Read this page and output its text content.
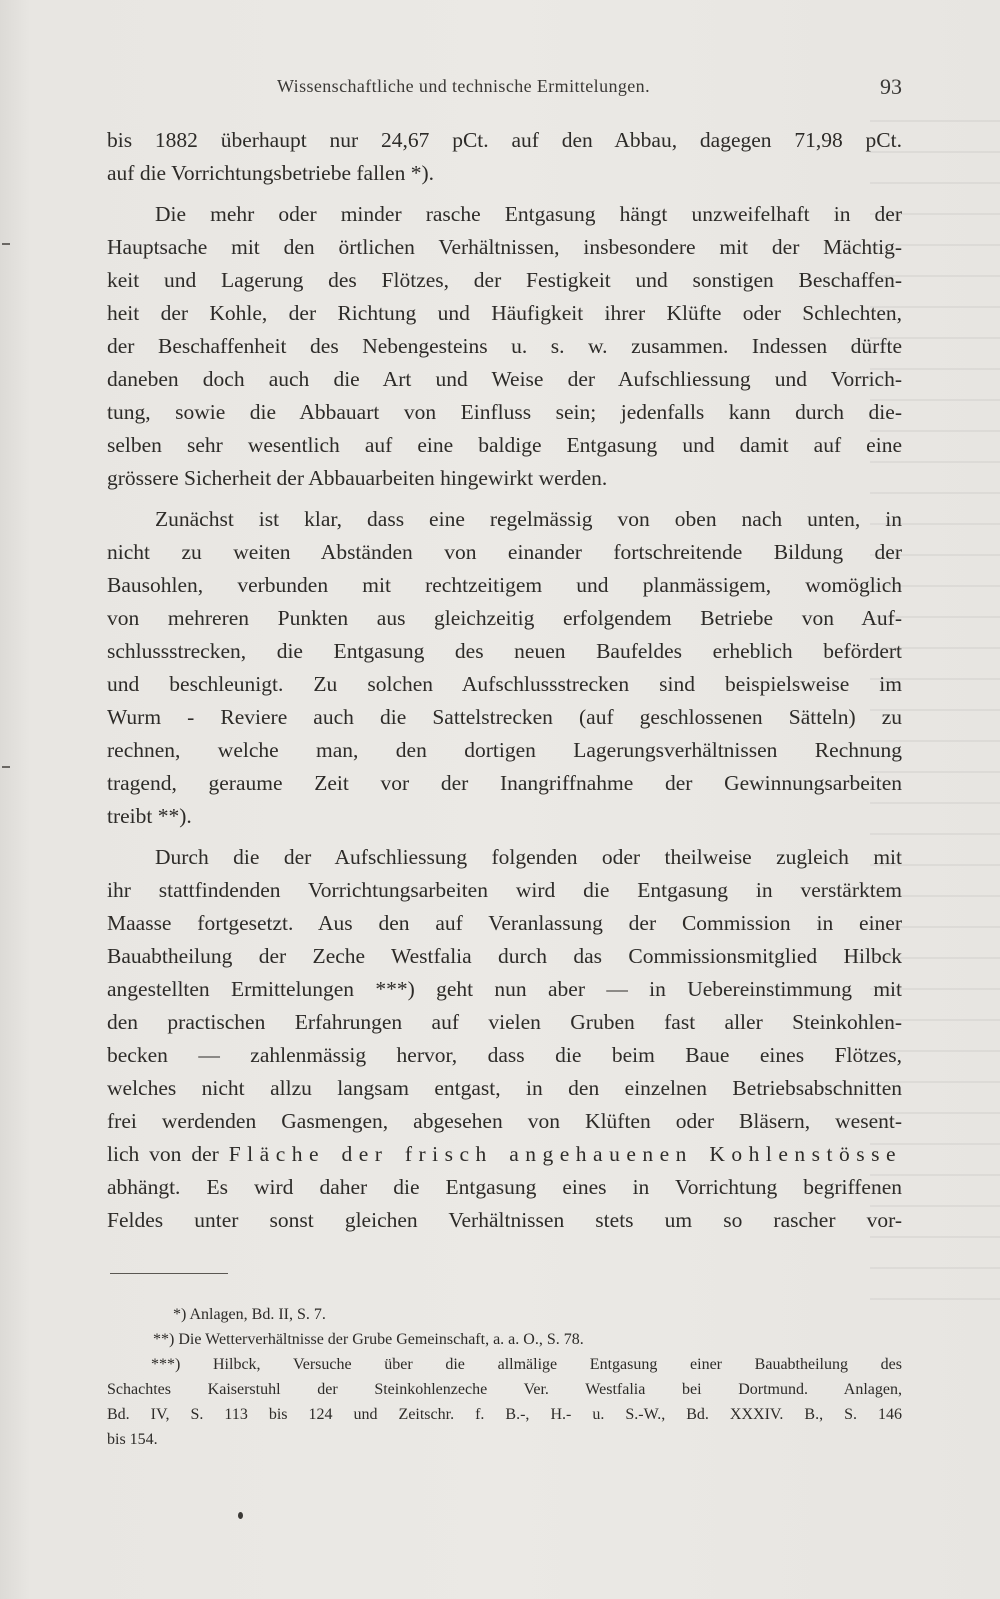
Wissenschaftliche und technische Ermittelungen.	93
bis 1882 überhaupt nur 24,67 pCt. auf den Abbau, dagegen 71,98 pCt.
auf die Vorrichtungsbetriebe fallen *).
Die mehr oder minder rasche Entgasung hängt unzweifelhaft in der
Hauptsache mit den örtlichen Verhältnissen, insbesondere mit der Mächtig-
keit und Lagerung des Flötzes, der Festigkeit und sonstigen Beschaffen-
heit der Kohle, der Richtung und Häufigkeit ihrer Klüfte oder Schlechten,
der Beschaffenheit des Nebengesteins u. s. w. zusammen. Indessen dürfte
daneben doch auch die Art und Weise der Aufschliessung und Vorrich-
tung, sowie die Abbauart von Einfluss sein; jedenfalls kann durch die-
selben sehr wesentlich auf eine baldige Entgasung und damit auf eine
grössere Sicherheit der Abbauarbeiten hingewirkt werden.
Zunächst ist klar, dass eine regelmässig von oben nach unten, in
nicht zu weiten Abständen von einander fortschreitende Bildung der
Bausohlen, verbunden mit rechtzeitigem und planmässigem, womöglich
von mehreren Punkten aus gleichzeitig erfolgendem Betriebe von Auf-
schlussstrecken, die Entgasung des neuen Baufeldes erheblich befördert
und beschleunigt. Zu solchen Aufschlussstrecken sind beispielsweise im
Wurm - Reviere auch die Sattelstrecken (auf geschlossenen Sätteln) zu
rechnen, welche man, den dortigen Lagerungsverhältnissen Rechnung
tragend, geraume Zeit vor der Inangriffnahme der Gewinnungsarbeiten
treibt **).
Durch die der Aufschliessung folgenden oder theilweise zugleich mit
ihr stattfindenden Vorrichtungsarbeiten wird die Entgasung in verstärktem
Maasse fortgesetzt. Aus den auf Veranlassung der Commission in einer
Bauabtheilung der Zeche Westfalia durch das Commissionsmitglied Hilbck
angestellten Ermittelungen ***) geht nun aber — in Uebereinstimmung mit
den practischen Erfahrungen auf vielen Gruben fast aller Steinkohlen-
becken — zahlenmässig hervor, dass die beim Baue eines Flötzes,
welches nicht allzu langsam entgast, in den einzelnen Betriebsabschnitten
frei werdenden Gasmengen, abgesehen von Klüften oder Bläsern, wesent-
lich von der Fläche der frisch angehauenen Kohlenstösse
abhängt. Es wird daher die Entgasung eines in Vorrichtung begriffenen
Feldes unter sonst gleichen Verhältnissen stets um so rascher vor-
*) Anlagen, Bd. II, S. 7.
**) Die Wetterverhältnisse der Grube Gemeinschaft, a. a. O., S. 78.
***) Hilbck, Versuche über die allmälige Entgasung einer Bauabtheilung des
Schachtes Kaiserstuhl der Steinkohlenzeche Ver. Westfalia bei Dortmund. Anlagen,
Bd. IV, S. 113 bis 124 und Zeitschr. f. B.-, H.- u. S.-W., Bd. XXXIV. B., S. 146
bis 154.
